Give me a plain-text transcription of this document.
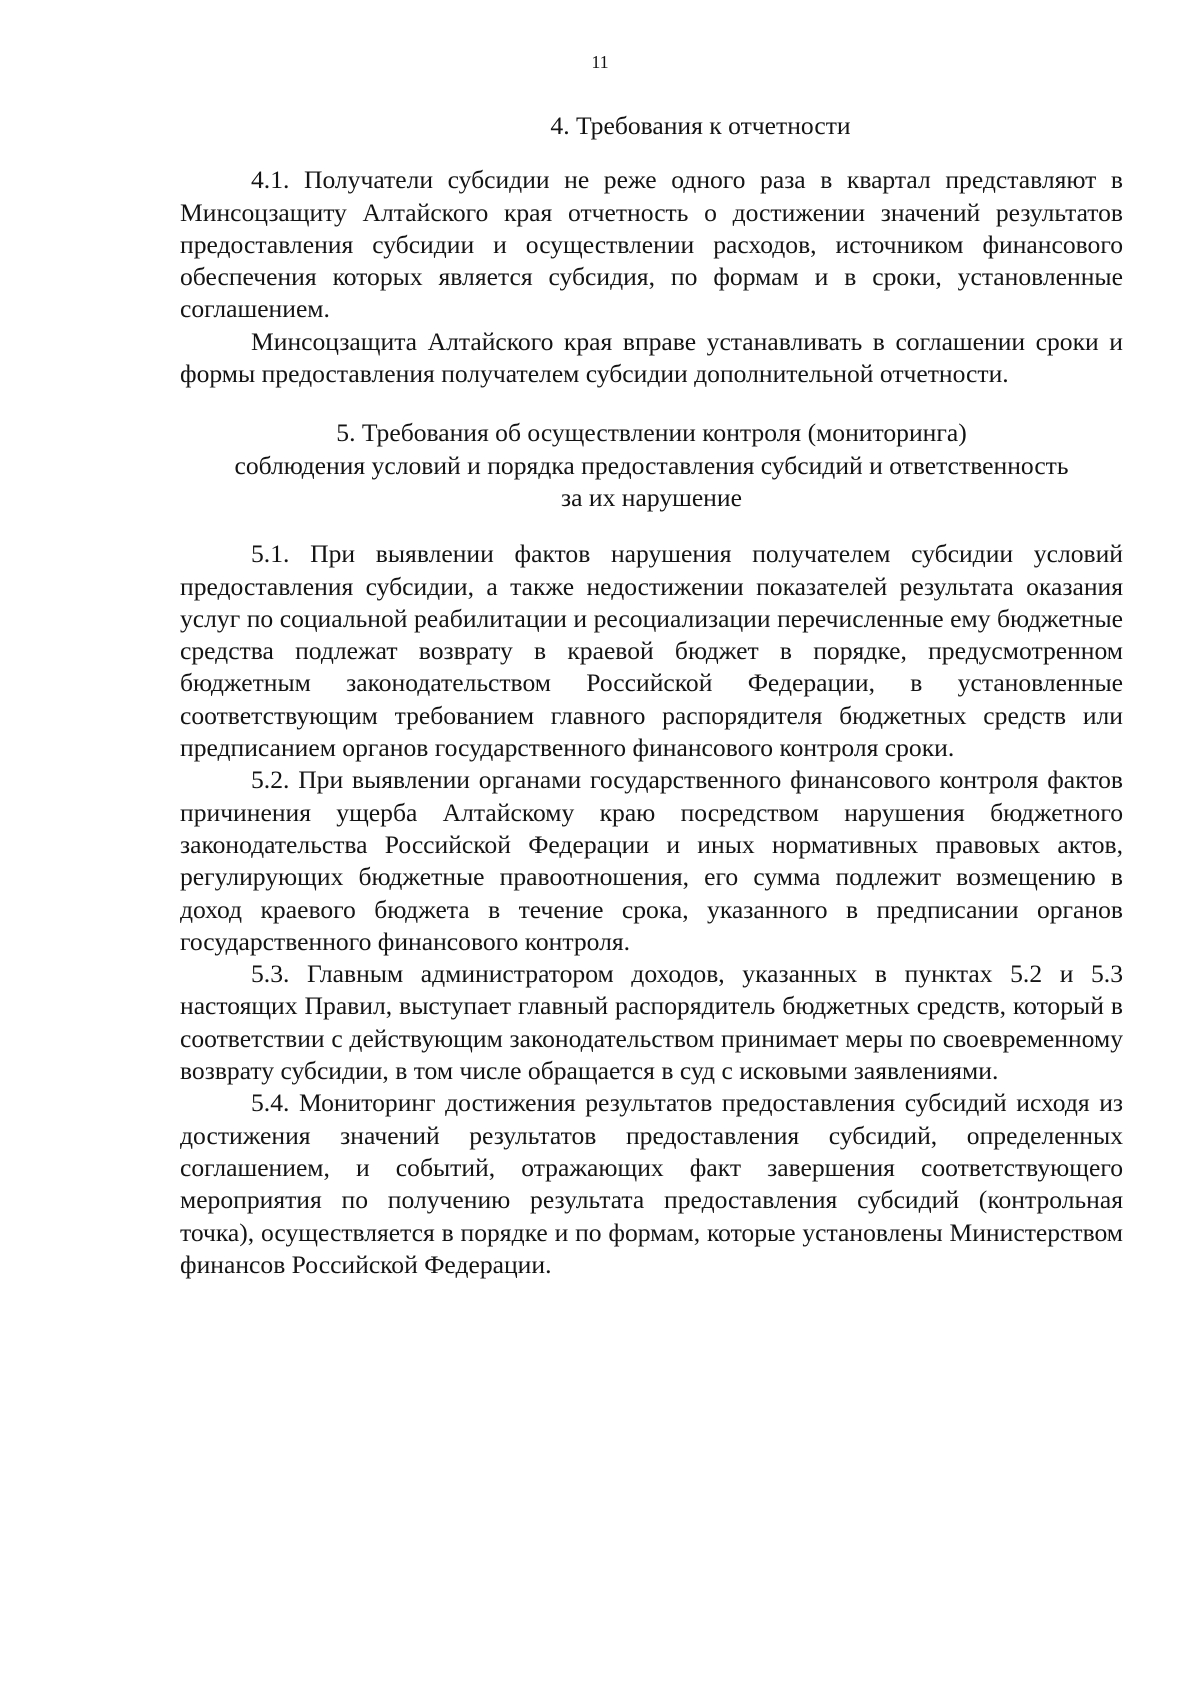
11
4. Требования к отчетности

4.1. Получатели субсидии не реже одного раза в квартал представляют в Минсоцзащиту Алтайского края отчетность о достижении значений результатов предоставления субсидии и осуществлении расходов, источником финансового обеспечения которых является субсидия, по формам и в сроки, установленные соглашением.

Минсоцзащита Алтайского края вправе устанавливать в соглашении сроки и формы предоставления получателем субсидии дополнительной отчетности.

5. Требования об осуществлении контроля (мониторинга)
соблюдения условий и порядка предоставления субсидий и ответственность
за их нарушение

5.1. При выявлении фактов нарушения получателем субсидии условий предоставления субсидии, а также недостижении показателей результата оказания услуг по социальной реабилитации и ресоциализации перечисленные ему бюджетные средства подлежат возврату в краевой бюджет в порядке, предусмотренном бюджетным законодательством Российской Федерации, в установленные соответствующим требованием главного распорядителя бюджетных средств или предписанием органов государственного финансового контроля сроки.

5.2. При выявлении органами государственного финансового контроля фактов причинения ущерба Алтайскому краю посредством нарушения бюджетного законодательства Российской Федерации и иных нормативных правовых актов, регулирующих бюджетные правоотношения, его сумма подлежит возмещению в доход краевого бюджета в течение срока, указанного в предписании органов государственного финансового контроля.

5.3. Главным администратором доходов, указанных в пунктах 5.2 и 5.3 настоящих Правил, выступает главный распорядитель бюджетных средств, который в соответствии с действующим законодательством принимает меры по своевременному возврату субсидии, в том числе обращается в суд с исковыми заявлениями.

5.4. Мониторинг достижения результатов предоставления субсидий исходя из достижения значений результатов предоставления субсидий, определенных соглашением, и событий, отражающих факт завершения соответствующего мероприятия по получению результата предоставления субсидий (контрольная точка), осуществляется в порядке и по формам, которые установлены Министерством финансов Российской Федерации.
